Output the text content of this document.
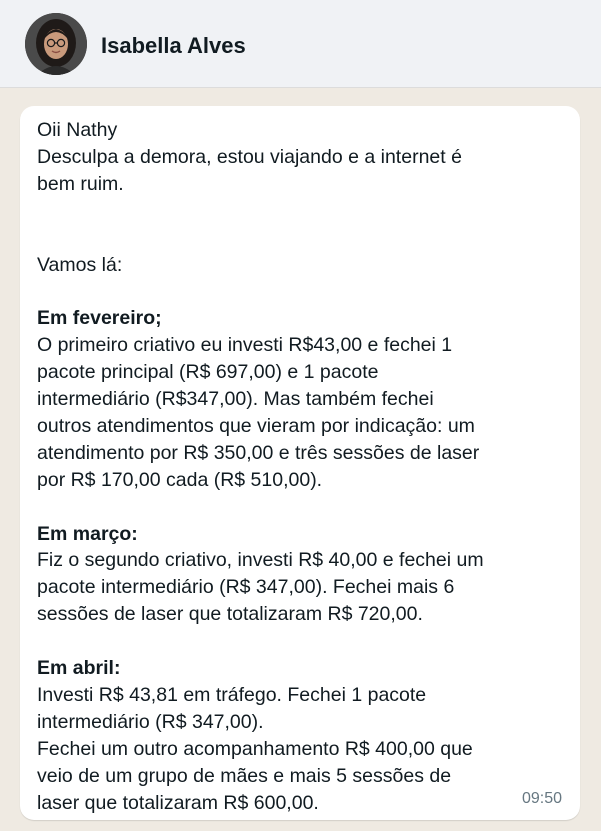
Isabella Alves

Oii Nathy

Desculpa a demora, estou viajando e a internet é

bem ruim.

Vamos lá:

Em fevereiro;

O primeiro criativo eu investi R$43,00 e fechei 1

pacote principal (R$ 697,00) e 1 pacote

intermediário (R$347,00). Mas também fechei

outros atendimentos que vieram por indicação: um

atendimento por R$ 350,00 e três sessões de laser

por R$ 170,00 cada (R$ 510,00).

Em março:

Fiz o segundo criativo, investi R$ 40,00 e fechei um

pacote intermediário (R$ 347,00). Fechei mais 6

sessões de laser que totalizaram R$ 720,00.

Em abril:

Investi R$ 43,81 em tráfego. Fechei 1 pacote

intermediário (R$ 347,00).

Fechei um outro acompanhamento R$ 400,00 que

veio de um grupo de mães e mais 5 sessões de

laser que totalizaram R$ 600,00.	09:50
